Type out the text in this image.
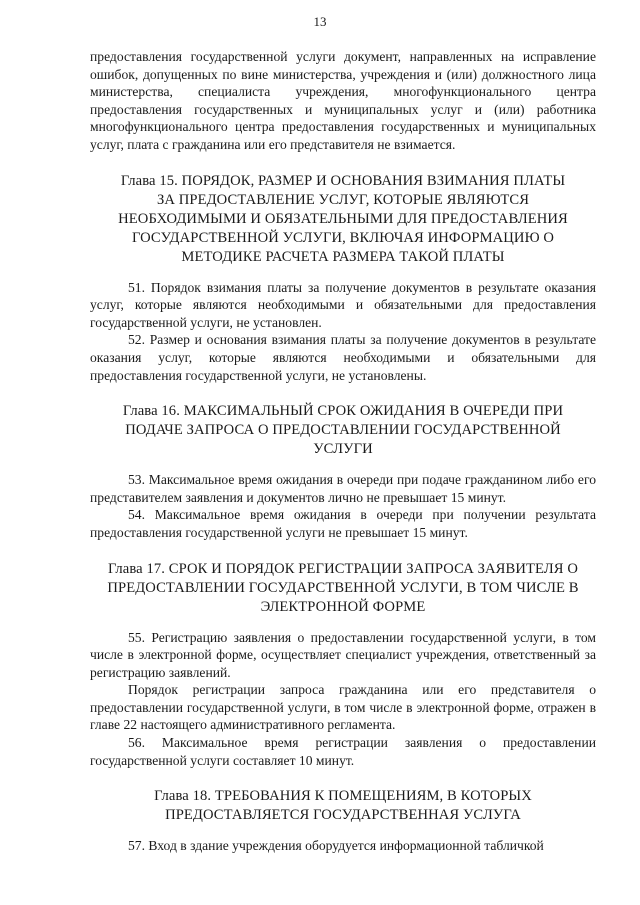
13

предоставления государственной услуги документ, направленных на исправление ошибок, допущенных по вине министерства, учреждения и (или) должностного лица министерства, специалиста учреждения, многофункционального центра предоставления государственных и муниципальных услуг и (или) работника многофункционального центра предоставления государственных и муниципальных услуг, плата с гражданина или его представителя не взимается.

Глава 15. ПОРЯДОК, РАЗМЕР И ОСНОВАНИЯ ВЗИМАНИЯ ПЛАТЫ
ЗА ПРЕДОСТАВЛЕНИЕ УСЛУГ, КОТОРЫЕ ЯВЛЯЮТСЯ
НЕОБХОДИМЫМИ И ОБЯЗАТЕЛЬНЫМИ ДЛЯ ПРЕДОСТАВЛЕНИЯ
ГОСУДАРСТВЕННОЙ УСЛУГИ, ВКЛЮЧАЯ ИНФОРМАЦИЮ О
МЕТОДИКЕ РАСЧЕТА РАЗМЕРА ТАКОЙ ПЛАТЫ

51. Порядок взимания платы за получение документов в результате оказания услуг, которые являются необходимыми и обязательными для предоставления государственной услуги, не установлен.

52. Размер и основания взимания платы за получение документов в результате оказания услуг, которые являются необходимыми и обязательными для предоставления государственной услуги, не установлены.

Глава 16. МАКСИМАЛЬНЫЙ СРОК ОЖИДАНИЯ В ОЧЕРЕДИ ПРИ
ПОДАЧЕ ЗАПРОСА О ПРЕДОСТАВЛЕНИИ ГОСУДАРСТВЕННОЙ
УСЛУГИ

53. Максимальное время ожидания в очереди при подаче гражданином либо его представителем заявления и документов лично не превышает 15 минут.

54. Максимальное время ожидания в очереди при получении результата предоставления государственной услуги не превышает 15 минут.

Глава 17. СРОК И ПОРЯДОК РЕГИСТРАЦИИ ЗАПРОСА ЗАЯВИТЕЛЯ О
ПРЕДОСТАВЛЕНИИ ГОСУДАРСТВЕННОЙ УСЛУГИ, В ТОМ ЧИСЛЕ В
ЭЛЕКТРОННОЙ ФОРМЕ

55. Регистрацию заявления о предоставлении государственной услуги, в том числе в электронной форме, осуществляет специалист учреждения, ответственный за регистрацию заявлений.

Порядок регистрации запроса гражданина или его представителя о предоставлении государственной услуги, в том числе в электронной форме, отражен в главе 22 настоящего административного регламента.

56. Максимальное время регистрации заявления о предоставлении государственной услуги составляет 10 минут.

Глава 18. ТРЕБОВАНИЯ К ПОМЕЩЕНИЯМ, В КОТОРЫХ
ПРЕДОСТАВЛЯЕТСЯ ГОСУДАРСТВЕННАЯ УСЛУГА

57. Вход в здание учреждения оборудуется информационной табличкой
